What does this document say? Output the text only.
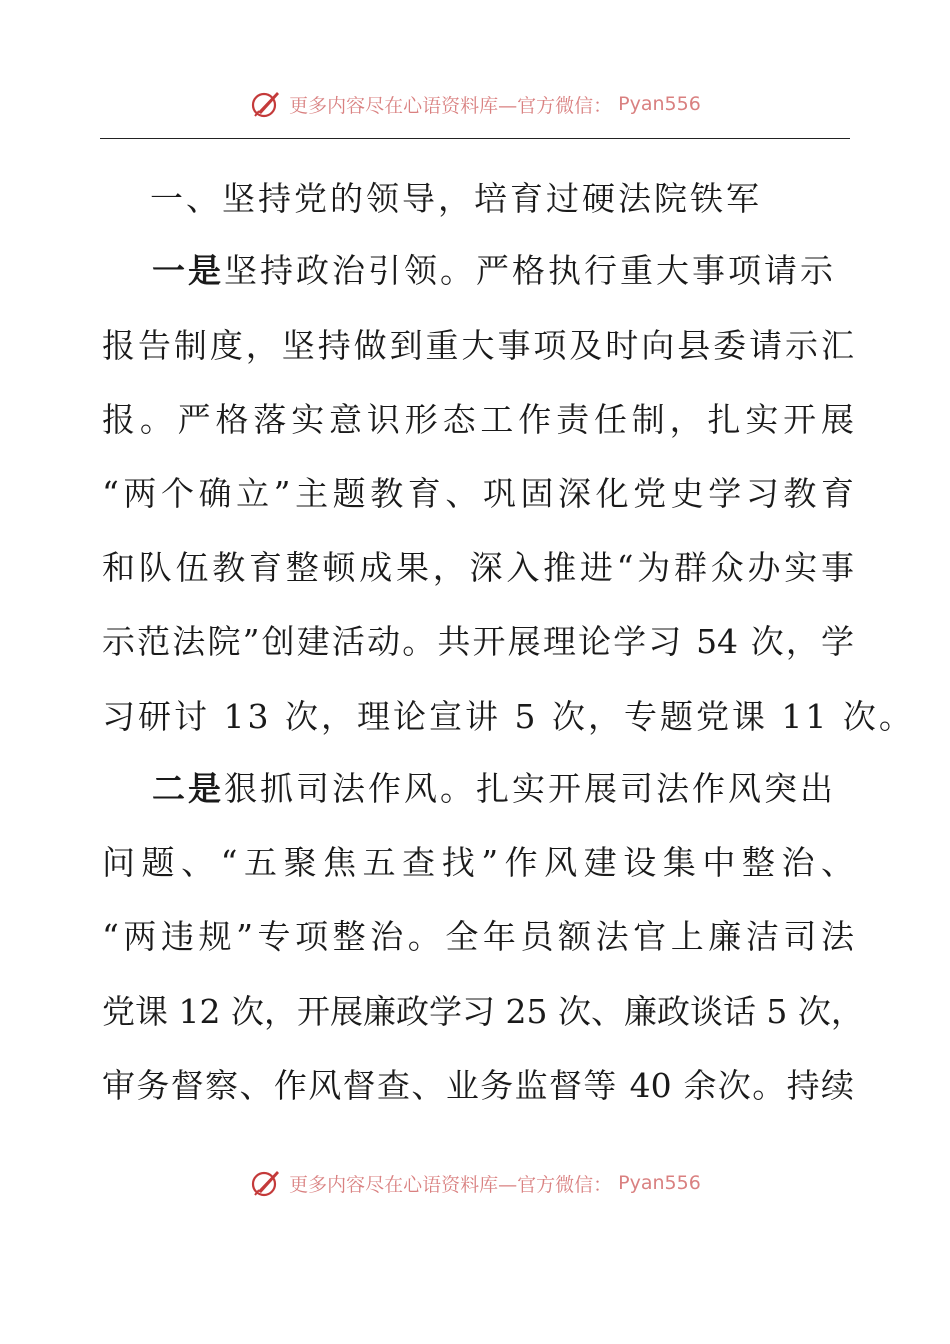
更多内容尽在心语资料库—官方微信： Pyan556
一、坚持党的领导，培育过硬法院铁军
一是坚持政治引领。严格执行重大事项请示
报告制度，坚持做到重大事项及时向县委请示汇
报。严格落实意识形态工作责任制，扎实开展
“两个确立”主题教育、巩固深化党史学习教育
和队伍教育整顿成果，深入推进“为群众办实事
示范法院”创建活动。共开展理论学习 54 次，学
习研讨 13 次，理论宣讲 5 次，专题党课 11 次。
二是狠抓司法作风。扎实开展司法作风突出
问题、“五聚焦五查找”作风建设集中整治、
“两违规”专项整治。全年员额法官上廉洁司法
党课 12 次，开展廉政学习 25 次、廉政谈话 5 次，
审务督察、作风督查、业务监督等 40 余次。持续
更多内容尽在心语资料库—官方微信： Pyan556
